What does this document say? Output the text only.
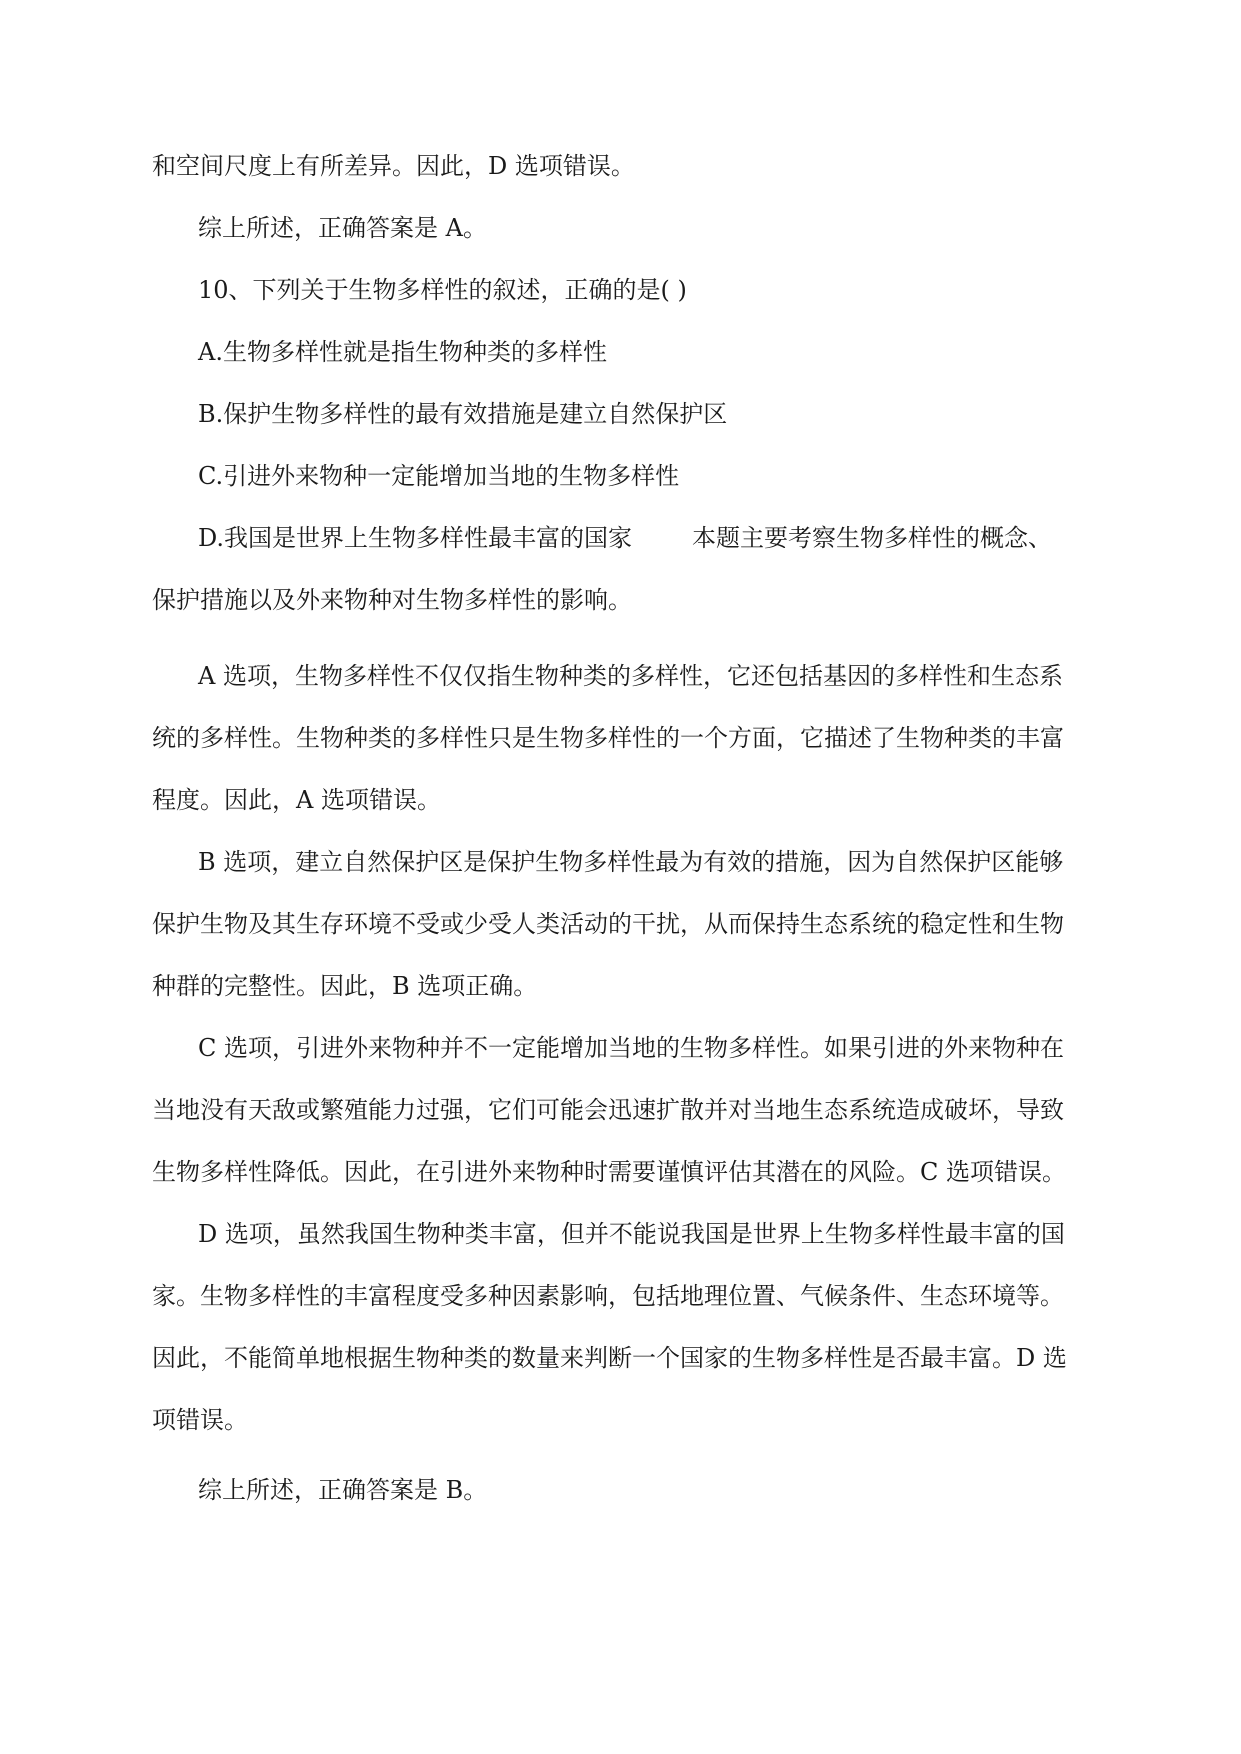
和空间尺度上有所差异。因此，D 选项错误。
综上所述，正确答案是 A。
10、下列关于生物多样性的叙述，正确的是( )
A.生物多样性就是指生物种类的多样性
B.保护生物多样性的最有效措施是建立自然保护区
C.引进外来物种一定能增加当地的生物多样性
D.我国是世界上生物多样性最丰富的国家	本题主要考察生物多样性的概念、
保护措施以及外来物种对生物多样性的影响。
A 选项，生物多样性不仅仅指生物种类的多样性，它还包括基因的多样性和生态系
统的多样性。生物种类的多样性只是生物多样性的一个方面，它描述了生物种类的丰富
程度。因此，A 选项错误。
B 选项，建立自然保护区是保护生物多样性最为有效的措施，因为自然保护区能够
保护生物及其生存环境不受或少受人类活动的干扰，从而保持生态系统的稳定性和生物
种群的完整性。因此，B 选项正确。
C 选项，引进外来物种并不一定能增加当地的生物多样性。如果引进的外来物种在
当地没有天敌或繁殖能力过强，它们可能会迅速扩散并对当地生态系统造成破坏，导致
生物多样性降低。因此，在引进外来物种时需要谨慎评估其潜在的风险。C 选项错误。
D 选项，虽然我国生物种类丰富，但并不能说我国是世界上生物多样性最丰富的国
家。生物多样性的丰富程度受多种因素影响，包括地理位置、气候条件、生态环境等。
因此，不能简单地根据生物种类的数量来判断一个国家的生物多样性是否最丰富。D 选
项错误。
综上所述，正确答案是 B。
